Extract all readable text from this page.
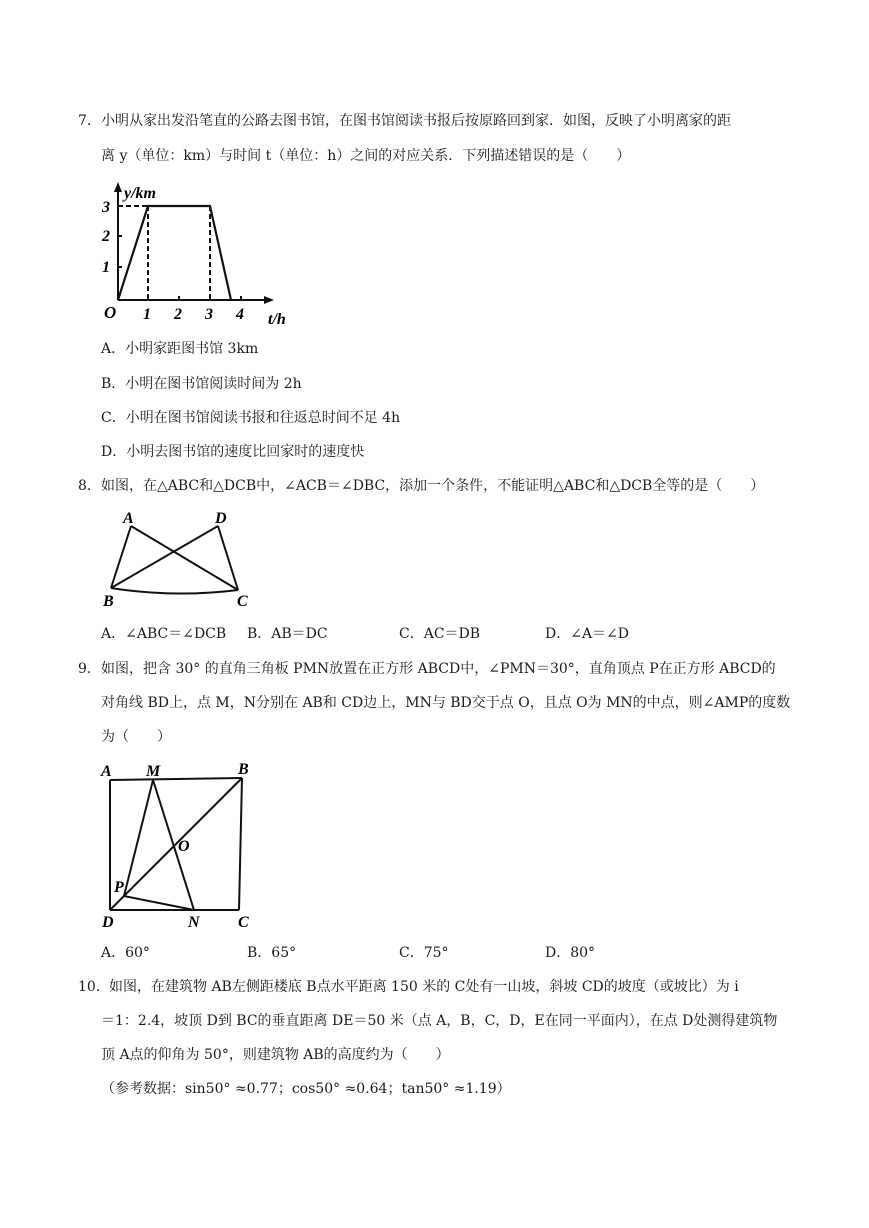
7. 小明从家出发沿笔直的公路去图书馆，在图书馆阅读书报后按原路回到家．如图，反映了小明离家的距
离 y（单位：km）与时间 t（单位：h）之间的对应关系．下列描述错误的是（　　）
y/km
t/h
O
1
2
3
1 2 3 4
A．小明家距图书馆 3km
B．小明在图书馆阅读时间为 2h
C．小明在图书馆阅读书报和往返总时间不足 4h
D．小明去图书馆的速度比回家时的速度快
8. 如图，在△ABC和△DCB中，∠ACB＝∠DBC，添加一个条件，不能证明△ABC和△DCB全等的是（　　）
A	D
B	C
A．∠ABC＝∠DCB B．AB＝DC	C．AC＝DB	D．∠A＝∠D
9. 如图，把含 30° 的直角三角板 PMN放置在正方形 ABCD中，∠PMN＝30°，直角顶点 P在正方形 ABCD的
对角线 BD上，点 M，N分别在 AB和 CD边上，MN与 BD交于点 O，且点 O为 MN的中点，则∠AMP的度数
为（　　）
A M	B
O
P
D	N C
A．60°	B．65°	C．75°	D．80°
10. 如图，在建筑物 AB左侧距楼底 B点水平距离 150 米的 C处有一山坡，斜坡 CD的坡度（或坡比）为 i
＝1：2.4，坡顶 D到 BC的垂直距离 DE＝50 米（点 A，B，C，D，E在同一平面内），在点 D处测得建筑物
顶 A点的仰角为 50°，则建筑物 AB的高度约为（　　）
（参考数据：sin50° ≈0.77；cos50° ≈0.64；tan50° ≈1.19）
